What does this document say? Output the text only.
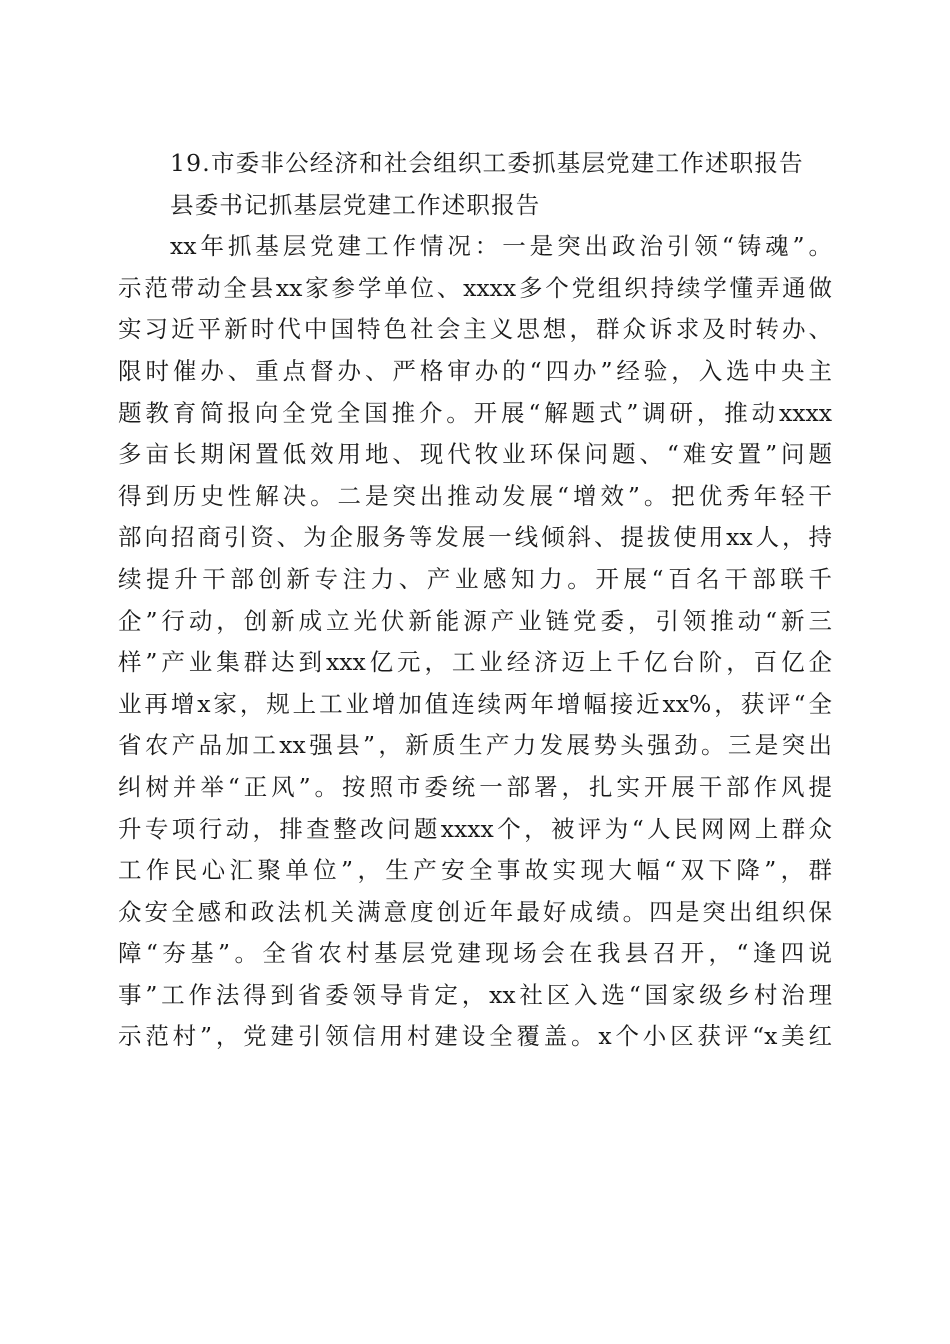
19.市委非公经济和社会组织工委抓基层党建工作述职报告
县委书记抓基层党建工作述职报告
xx年抓基层党建工作情况：一是突出政治引领“铸魂”。
示范带动全县xx家参学单位、xxxx多个党组织持续学懂弄通做
实习近平新时代中国特色社会主义思想，群众诉求及时转办、
限时催办、重点督办、严格审办的“四办”经验，入选中央主
题教育简报向全党全国推介。开展“解题式”调研，推动xxxx
多亩长期闲置低效用地、现代牧业环保问题、“难安置”问题
得到历史性解决。二是突出推动发展“增效”。把优秀年轻干
部向招商引资、为企服务等发展一线倾斜、提拔使用xx人，持
续提升干部创新专注力、产业感知力。开展“百名干部联千
企”行动，创新成立光伏新能源产业链党委，引领推动“新三
样”产业集群达到xxx亿元，工业经济迈上千亿台阶，百亿企
业再增x家，规上工业增加值连续两年增幅接近xx%，获评“全
省农产品加工xx强县”，新质生产力发展势头强劲。三是突出
纠树并举“正风”。按照市委统一部署，扎实开展干部作风提
升专项行动，排查整改问题xxxx个，被评为“人民网网上群众
工作民心汇聚单位”，生产安全事故实现大幅“双下降”，群
众安全感和政法机关满意度创近年最好成绩。四是突出组织保
障“夯基”。全省农村基层党建现场会在我县召开，“逢四说
事”工作法得到省委领导肯定，xx社区入选“国家级乡村治理
示范村”，党建引领信用村建设全覆盖。x个小区获评“x美红
